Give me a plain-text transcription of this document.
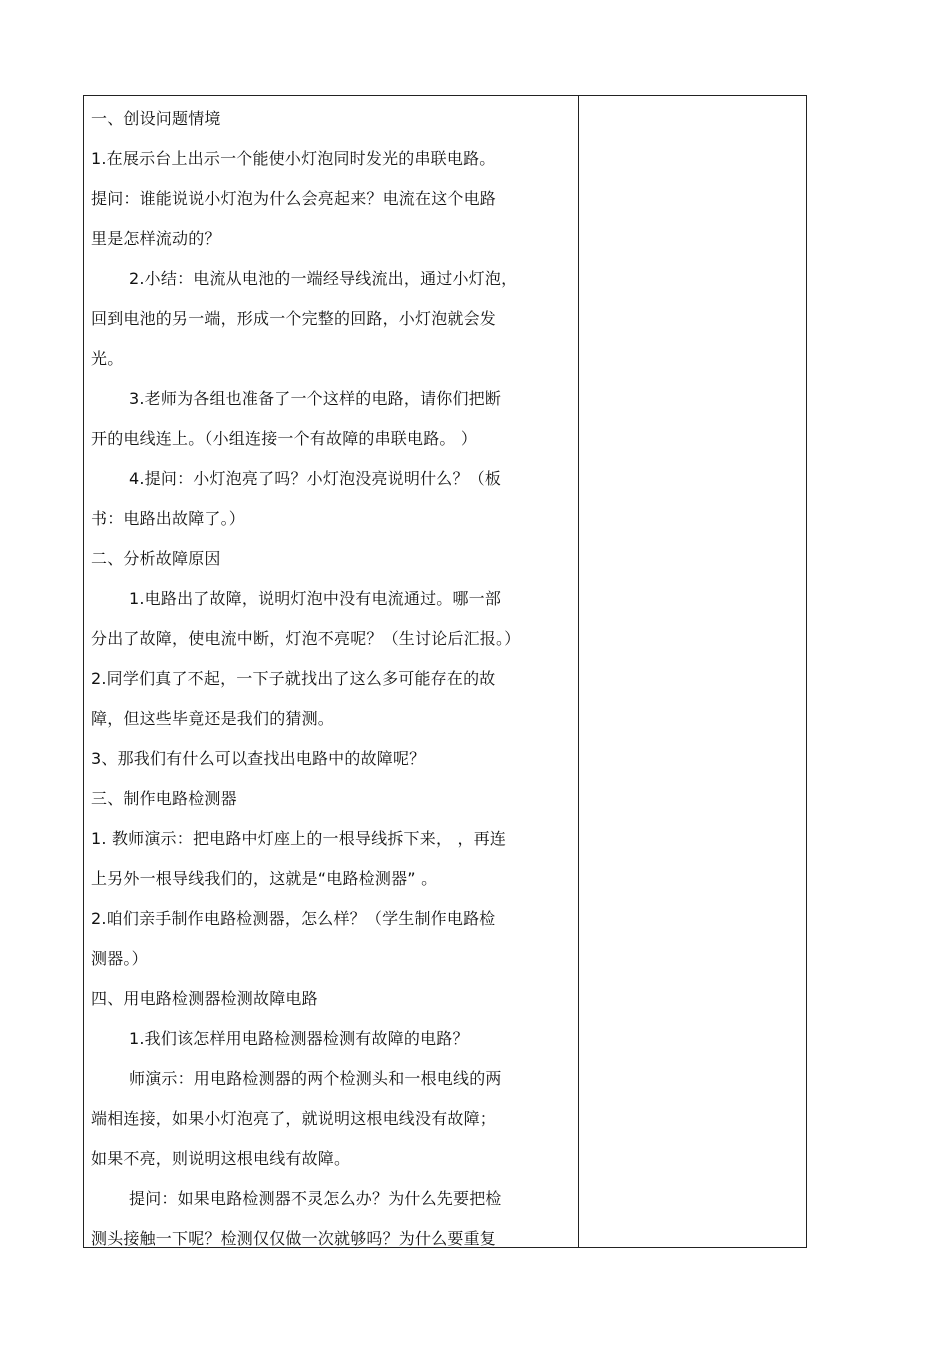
一、创设问题情境
1.在展示台上出示一个能使小灯泡同时发光的串联电路。
提问：谁能说说小灯泡为什么会亮起来？电流在这个电路
里是怎样流动的？
2.小结：电流从电池的一端经导线流出，通过小灯泡，
回到电池的另一端，形成一个完整的回路，小灯泡就会发
光。
3.老师为各组也准备了一个这样的电路，请你们把断
开的电线连上。（小组连接一个有故障的串联电路。 ）
4.提问：小灯泡亮了吗？小灯泡没亮说明什么？（板
书：电路出故障了。）
二、分析故障原因
1.电路出了故障，说明灯泡中没有电流通过。哪一部
分出了故障，使电流中断，灯泡不亮呢？（生讨论后汇报。）
2.同学们真了不起，一下子就找出了这么多可能存在的故
障，但这些毕竟还是我们的猜测。
3、那我们有什么可以查找出电路中的故障呢？
三、制作电路检测器
1. 教师演示：把电路中灯座上的一根导线拆下来， ，再连
上另外一根导线我们的，这就是“电路检测器” 。
2.咱们亲手制作电路检测器，怎么样？（学生制作电路检
测器。）
四、用电路检测器检测故障电路
1.我们该怎样用电路检测器检测有故障的电路？
师演示：用电路检测器的两个检测头和一根电线的两
端相连接，如果小灯泡亮了，就说明这根电线没有故障；
如果不亮，则说明这根电线有故障。
提问：如果电路检测器不灵怎么办？为什么先要把检
测头接触一下呢？检测仅仅做一次就够吗？为什么要重复
